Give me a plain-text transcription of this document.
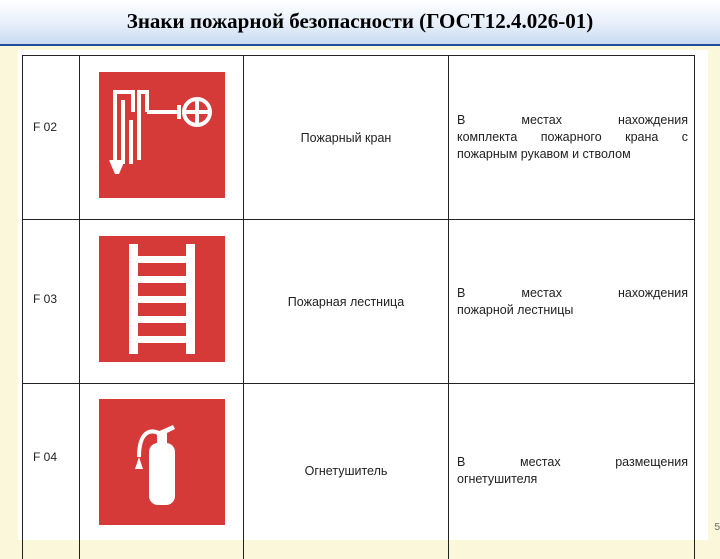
Знаки пожарной безопасности (ГОСТ12.4.026-01)
F 02		Пожарный кран	В местах нахождения
комплекта пожарного крана с пожарным рукавом и стволом
F 03		Пожарная лестница	В местах нахождения
пожарной лестницы
F 04		Огнетушитель	В местах размещения
огнетушителя
5
